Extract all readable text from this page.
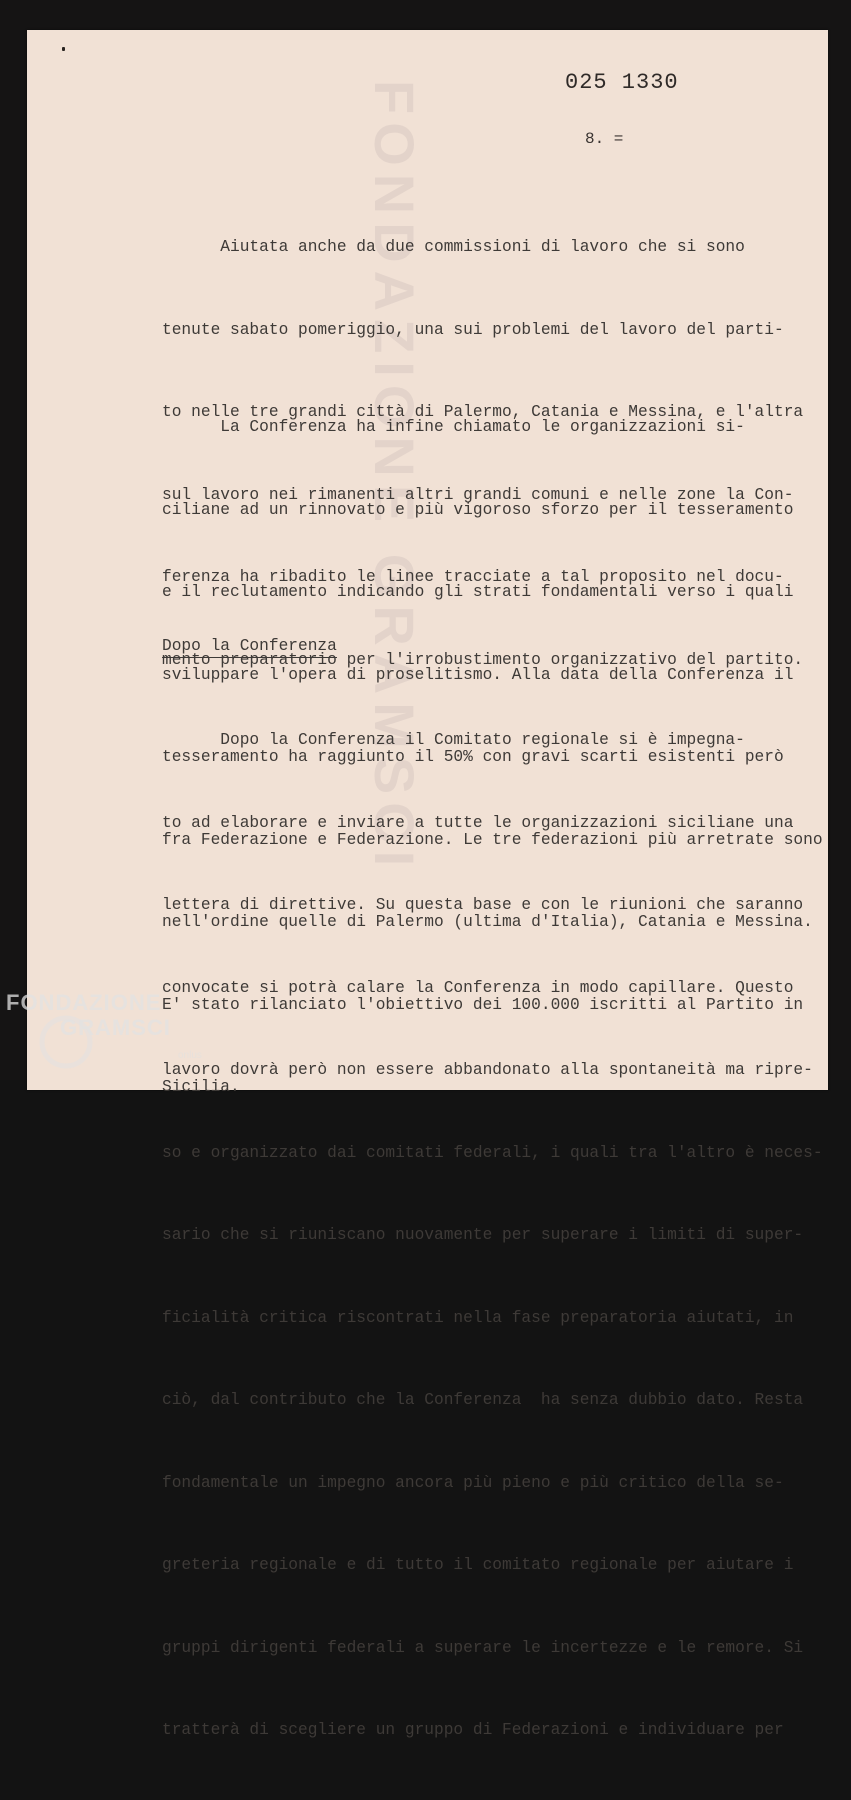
025 1330
8. =

Aiutata anche da due commissioni di lavoro che si sono

tenute sabato pomeriggio, una sui problemi del lavoro del parti-

to nelle tre grandi città di Palermo, Catania e Messina, e l'altra

sul lavoro nei rimanenti altri grandi comuni e nelle zone la Con-

ferenza ha ribadito le linee tracciate a tal proposito nel docu-

mento preparatorio per l'irrobustimento organizzativo del partito.

La Conferenza ha infine chiamato le organizzazioni si-

ciliane ad un rinnovato e più vigoroso sforzo per il tesseramento

e il reclutamento indicando gli strati fondamentali verso i quali

sviluppare l'opera di proselitismo. Alla data della Conferenza il

tesseramento ha raggiunto il 50% con gravi scarti esistenti però

fra Federazione e Federazione. Le tre federazioni più arretrate sono

nell'ordine quelle di Palermo (ultima d'Italia), Catania e Messina.

E' stato rilanciato l'obiettivo dei 100.000 iscritti al Partito in

Sicilia.

Dopo la Conferenza

Dopo la Conferenza il Comitato regionale si è impegna-

to ad elaborare e inviare a tutte le organizzazioni siciliane una

lettera di direttive. Su questa base e con le riunioni che saranno

convocate si potrà calare la Conferenza in modo capillare. Questo

lavoro dovrà però non essere abbandonato alla spontaneità ma ripre-

so e organizzato dai comitati federali, i quali tra l'altro è neces-

sario che si riuniscano nuovamente per superare i limiti di super-

ficialità critica riscontrati nella fase preparatoria aiutati, in

ciò, dal contributo che la Conferenza  ha senza dubbio dato. Resta

fondamentale un impegno ancora più pieno e più critico della se-

greteria regionale e di tutto il comitato regionale per aiutare i

gruppi dirigenti federali a superare le incertezze e le remore. Si

tratterà di scegliere un gruppo di Federazioni e individuare per

FONDAZIONE
GRAMSCI
onlus
